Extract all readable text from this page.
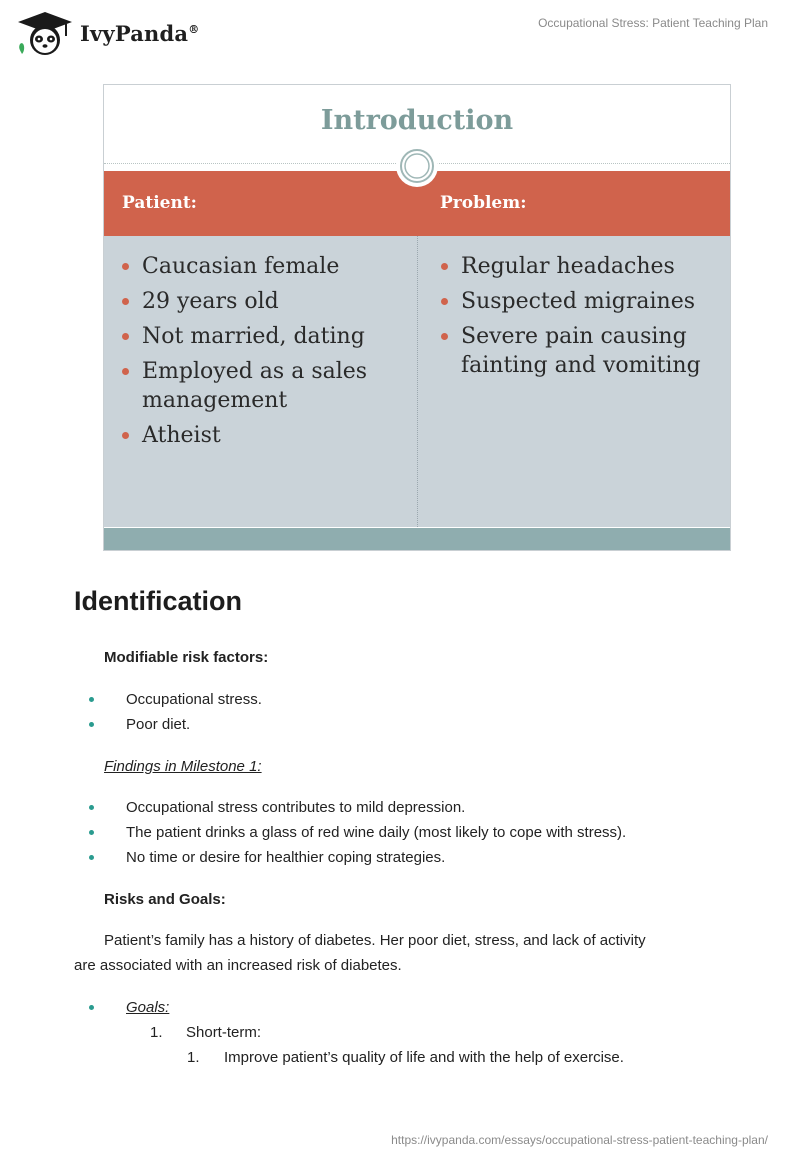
IvyPanda®	Occupational Stress: Patient Teaching Plan
Introduction
Patient:	Problem:
Caucasian female
29 years old
Not married, dating
Employed as a sales management
Atheist
Regular headaches
Suspected migraines
Severe pain causing fainting and vomiting
Identification
Modifiable risk factors:
Occupational stress.
Poor diet.
Findings in Milestone 1:
Occupational stress contributes to mild depression.
The patient drinks a glass of red wine daily (most likely to cope with stress).
No time or desire for healthier coping strategies.
Risks and Goals:
Patient’s family has a history of diabetes. Her poor diet, stress, and lack of activity
are associated with an increased risk of diabetes.
Goals:
1. Short-term:
1. Improve patient’s quality of life and with the help of exercise.
https://ivypanda.com/essays/occupational-stress-patient-teaching-plan/
